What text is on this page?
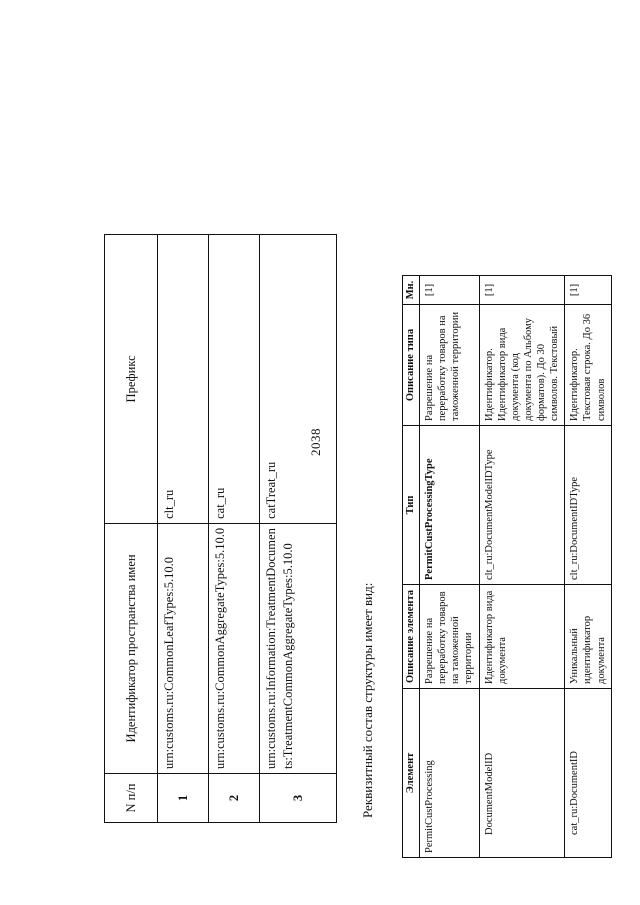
2038
N п/п	Идентификатор пространства имен	Префикс
1	urn:customs.ru:CommonLeafTypes:5.10.0	clt_ru
2	urn:customs.ru:CommonAggregateTypes:5.10.0	cat_ru
3	urn:customs.ru:Information:TreatmentDocuments:TreatmentCommonAggregateTypes:5.10.0	catTreat_ru
Реквизитный состав структуры имеет вид:	Элемент	Описание элемента	Тип	Описание типа	Мн.
PermitCustProcessing	Разрешение на переработку товаров на таможенной территории	PermitCustProcessingType	Разрешение на переработку товаров на таможенной территории	[1]
DocumentModelID	Идентификатор вида документа	clt_ru:DocumentModelIDType	Идентификатор. Идентификатор вида документа (код документа по Альбому форматов). До 30 символов. Текстовый	[1]
cat_ru:DocumentID	Уникальный идентификатор документа	clt_ru:DocumentIDType	Идентификатор. Текстовая строка. До 36 символов	[1]
